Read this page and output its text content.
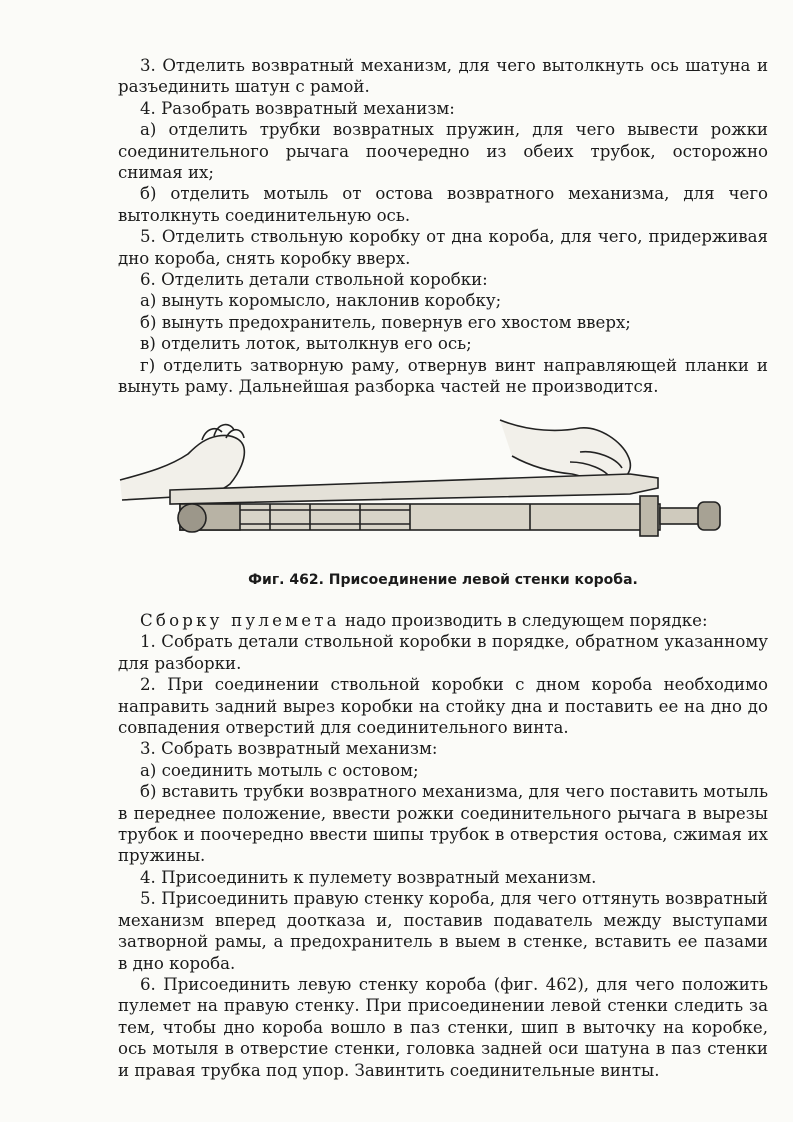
3. Отделить возвратный механизм, для чего вытолкнуть ось шатуна и разъединить шатун с рамой.

4. Разобрать возвратный механизм:

а) отделить трубки возвратных пружин, для чего вывести рожки соединительного рычага поочередно из обеих трубок, осторожно снимая их;

б) отделить мотыль от остова возвратного механизма, для чего вытолкнуть соединительную ось.

5. Отделить ствольную коробку от дна короба, для чего, придерживая дно короба, снять коробку вверх.

6. Отделить детали ствольной коробки:

а) вынуть коромысло, наклонив коробку;

б) вынуть предохранитель, повернув его хвостом вверх;

в) отделить лоток, вытолкнув его ось;

г) отделить затворную раму, отвернув винт направляющей планки и вынуть раму. Дальнейшая разборка частей не производится.

Фиг. 462. Присоединение левой стенки короба.

Сборку пулемета надо производить в следующем порядке:

1. Собрать детали ствольной коробки в порядке, обратном указанному для разборки.

2. При соединении ствольной коробки с дном короба необходимо направить задний вырез коробки на стойку дна и поставить ее на дно до совпадения отверстий для соединительного винта.

3. Собрать возвратный механизм:

а) соединить мотыль с остовом;

б) вставить трубки возвратного механизма, для чего поставить мотыль в переднее положение, ввести рожки соединительного рычага в вырезы трубок и поочередно ввести шипы трубок в отверстия остова, сжимая их пружины.

4. Присоединить к пулемету возвратный механизм.

5. Присоединить правую стенку короба, для чего оттянуть возвратный механизм вперед доотказа и, поставив подаватель между выступами затворной рамы, а предохранитель в выем в стенке, вставить ее пазами в дно короба.

6. Присоединить левую стенку короба (фиг. 462), для чего положить пулемет на правую стенку. При присоединении левой стенки следить за тем, чтобы дно короба вошло в паз стенки, шип в выточку на коробке, ось мотыля в отверстие стенки, головка задней оси шатуна в паз стенки и правая трубка под упор. Завинтить соединительные винты.
